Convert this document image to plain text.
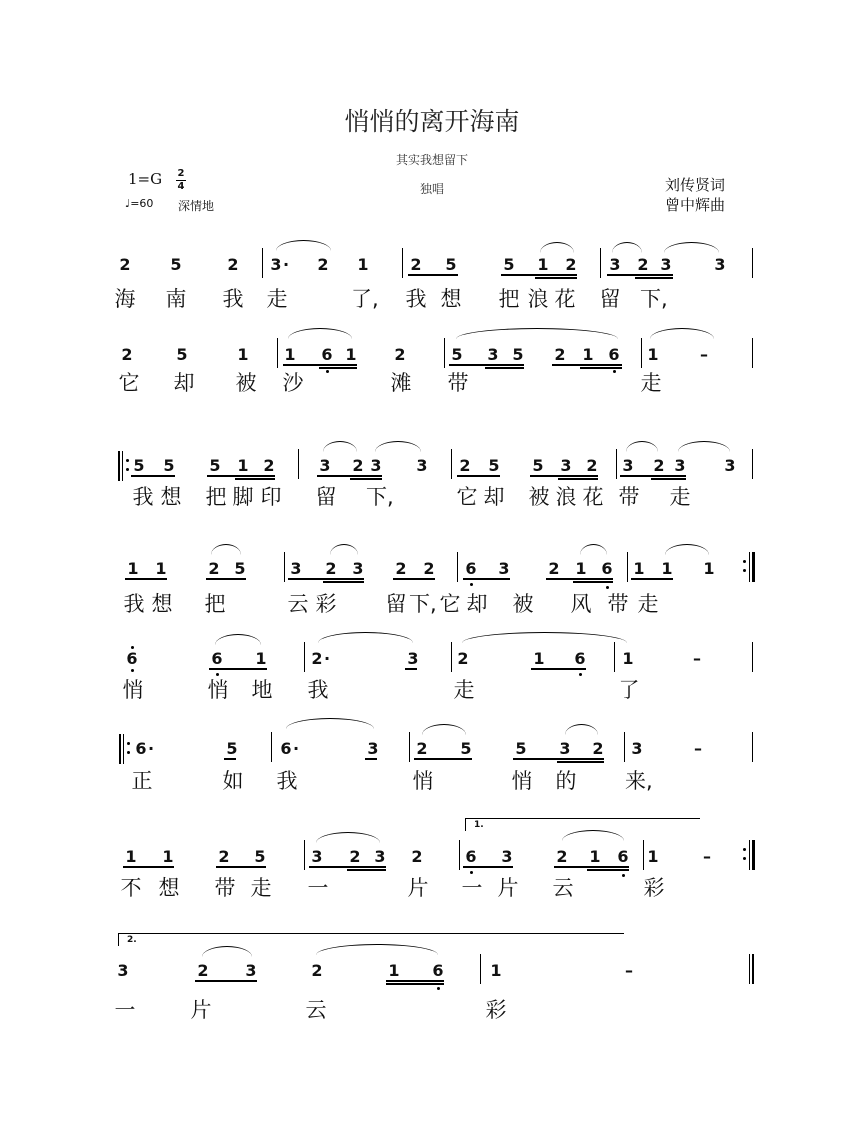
悄悄的离开海南
其实我想留下
独唱
1=G 2
4
♩=60 深情地
刘传贤词
曾中辉曲
2 5	2 3 · 2 1	2 5	5 1 2 3 2 3	3
海 南 我 走	了,	我 想 把 浪 花 留 下,
2	5	1 1 6 1 2	5 3 5 2 1 6 1	–
它 却 被 沙	滩 带	走
5 5 5 1 2	3 2 3 3 2 5 5 3 2 3 2 3 3
我 想 把 脚 印 留 下,	它 却 被 浪 花 带 走
1 1	2 5	3 2 3 2 2 6 3 2 1 6 1 1 1
我 想 把	云 彩 留 下, 它 却 被 风 带 走
6	6 1	2 ·	3 2	1 6 1	–
悄	悄 地 我	走	了
6 ·	5	6 ·	3 2 5	5 3 2 3	–
正	如 我	悄	悄 的 来,
1.
1 1	2 5	3 2 3 2	6 3	2 1 6 1	–
不 想 带 走 一	片 一 片 云	彩
2.
3	2 3	2	1 6	1	–
一	片	云	彩
